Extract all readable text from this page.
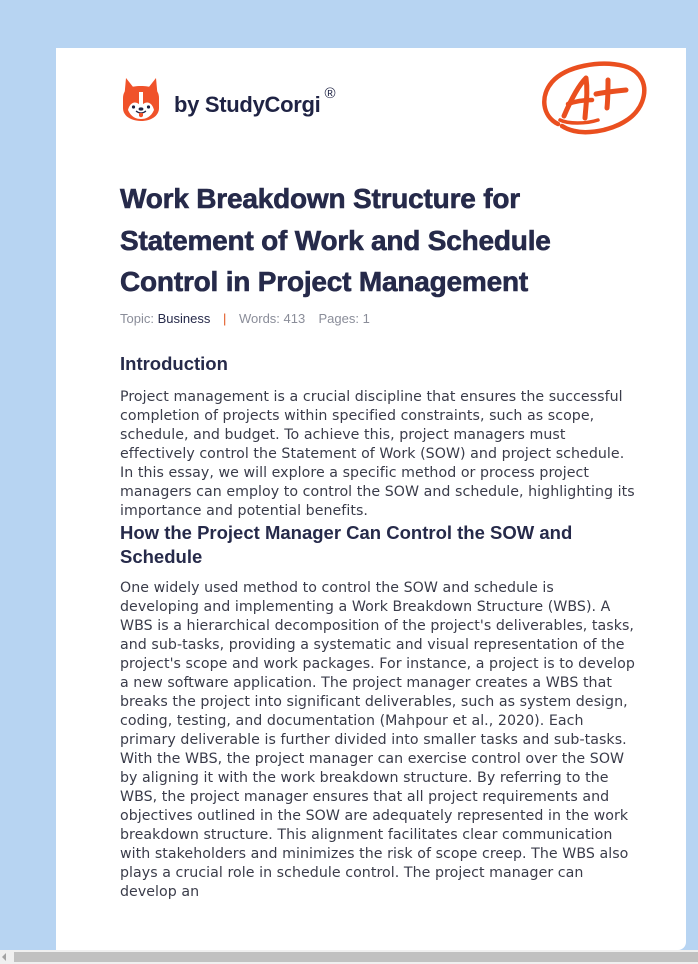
by StudyCorgi ®
Work Breakdown Structure for Statement of Work and Schedule Control in Project Management
Topic: Business | Words: 413 Pages: 1
Introduction

Project management is a crucial discipline that ensures the successful completion of projects within specified constraints, such as scope, schedule, and budget. To achieve this, project managers must effectively control the Statement of Work (SOW) and project schedule. In this essay, we will explore a specific method or process project managers can employ to control the SOW and schedule, highlighting its importance and potential benefits.

How the Project Manager Can Control the SOW and Schedule

One widely used method to control the SOW and schedule is developing and implementing a Work Breakdown Structure (WBS). A WBS is a hierarchical decomposition of the project's deliverables, tasks, and sub-tasks, providing a systematic and visual representation of the project's scope and work packages. For instance, a project is to develop a new software application. The project manager creates a WBS that breaks the project into significant deliverables, such as system design, coding, testing, and documentation (Mahpour et al., 2020). Each primary deliverable is further divided into smaller tasks and sub-tasks. With the WBS, the project manager can exercise control over the SOW by aligning it with the work breakdown structure. By referring to the WBS, the project manager ensures that all project requirements and objectives outlined in the SOW are adequately represented in the work breakdown structure. This alignment facilitates clear communication with stakeholders and minimizes the risk of scope creep. The WBS also plays a crucial role in schedule control. The project manager can develop an
